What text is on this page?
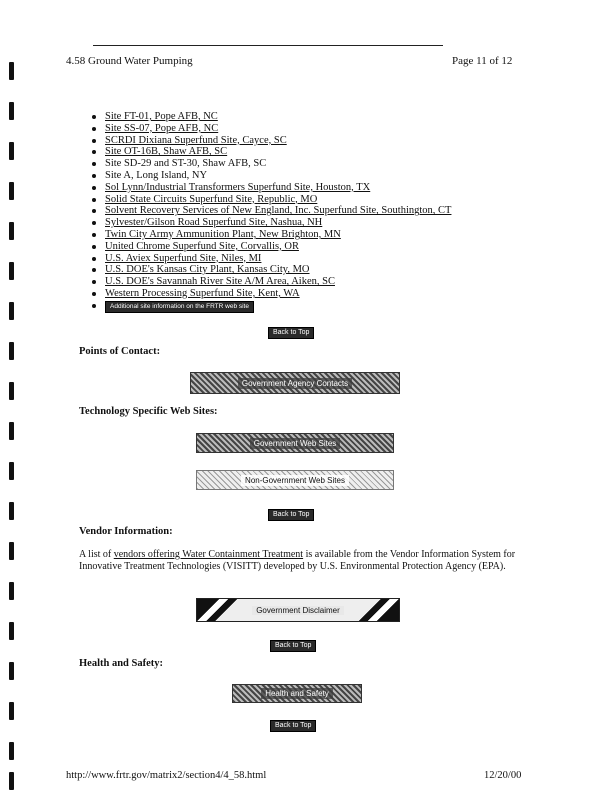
4.58 Ground Water Pumping	Page 11 of 12
Site FT-01, Pope AFB, NC
Site SS-07, Pope AFB, NC
SCRDI Dixiana Superfund Site, Cayce, SC
Site OT-16B, Shaw AFB, SC
Site SD-29 and ST-30, Shaw AFB, SC
Site A, Long Island, NY
Sol Lynn/Industrial Transformers Superfund Site, Houston, TX
Solid State Circuits Superfund Site, Republic, MO
Solvent Recovery Services of New England, Inc. Superfund Site, Southington, CT
Sylvester/Gilson Road Superfund Site, Nashua, NH
Twin City Army Ammunition Plant, New Brighton, MN
United Chrome Superfund Site, Corvallis, OR
U.S. Aviex Superfund Site, Niles, MI
U.S. DOE's Kansas City Plant, Kansas City, MO
U.S. DOE's Savannah River Site A/M Area, Aiken, SC
Western Processing Superfund Site, Kent, WA
Additional site information on the FRTR web site
Back to Top
Points of Contact:
Government Agency Contacts
Technology Specific Web Sites:
Government Web Sites
Non-Government Web Sites
Back to Top
Vendor Information:
A list of vendors offering Water Containment Treatment is available from the Vendor Information System for Innovative Treatment Technologies (VISITT) developed by U.S. Environmental Protection Agency (EPA).
Government Disclaimer
Back to Top
Health and Safety:
Health and Safety
Back to Top
http://www.frtr.gov/matrix2/section4/4_58.html	12/20/00
